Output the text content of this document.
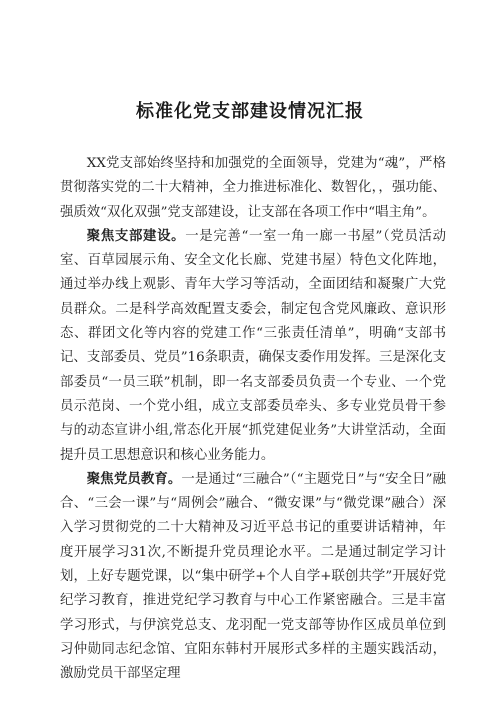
标准化党支部建设情况汇报

XX党支部始终坚持和加强党的全面领导，党建为“魂”，严格贯彻落实党的二十大精神，全力推进标准化、数智化，，强功能、强质效“双化双强”党支部建设，让支部在各项工作中“唱主角”。

聚焦支部建设。一是完善“一室一角一廊一书屋”（党员活动室、百草园展示角、安全文化长廊、党建书屋）特色文化阵地，通过举办线上观影、青年大学习等活动，全面团结和凝聚广大党员群众。二是科学高效配置支委会，制定包含党风廉政、意识形态、群团文化等内容的党建工作“三张责任清单”，明确“支部书记、支部委员、党员”16条职责，确保支委作用发挥。三是深化支部委员“一员三联”机制，即一名支部委员负责一个专业、一个党员示范岗、一个党小组，成立支部委员牵头、多专业党员骨干参与的动态宣讲小组,常态化开展“抓党建促业务”大讲堂活动，全面提升员工思想意识和核心业务能力。

聚焦党员教育。一是通过“三融合”（“主题党日”与“安全日”融合、“三会一课”与“周例会”融合、“微安课”与“微党课”融合）深入学习贯彻党的二十大精神及习近平总书记的重要讲话精神，年度开展学习31次,不断提升党员理论水平。二是通过制定学习计划，上好专题党课，以“集中研学+个人自学+联创共学”开展好党纪学习教育，推进党纪学习教育与中心工作紧密融合。三是丰富学习形式，与伊滨党总支、龙羽配一党支部等协作区成员单位到习仲勋同志纪念馆、宜阳东韩村开展形式多样的主题实践活动，激励党员干部坚定理
